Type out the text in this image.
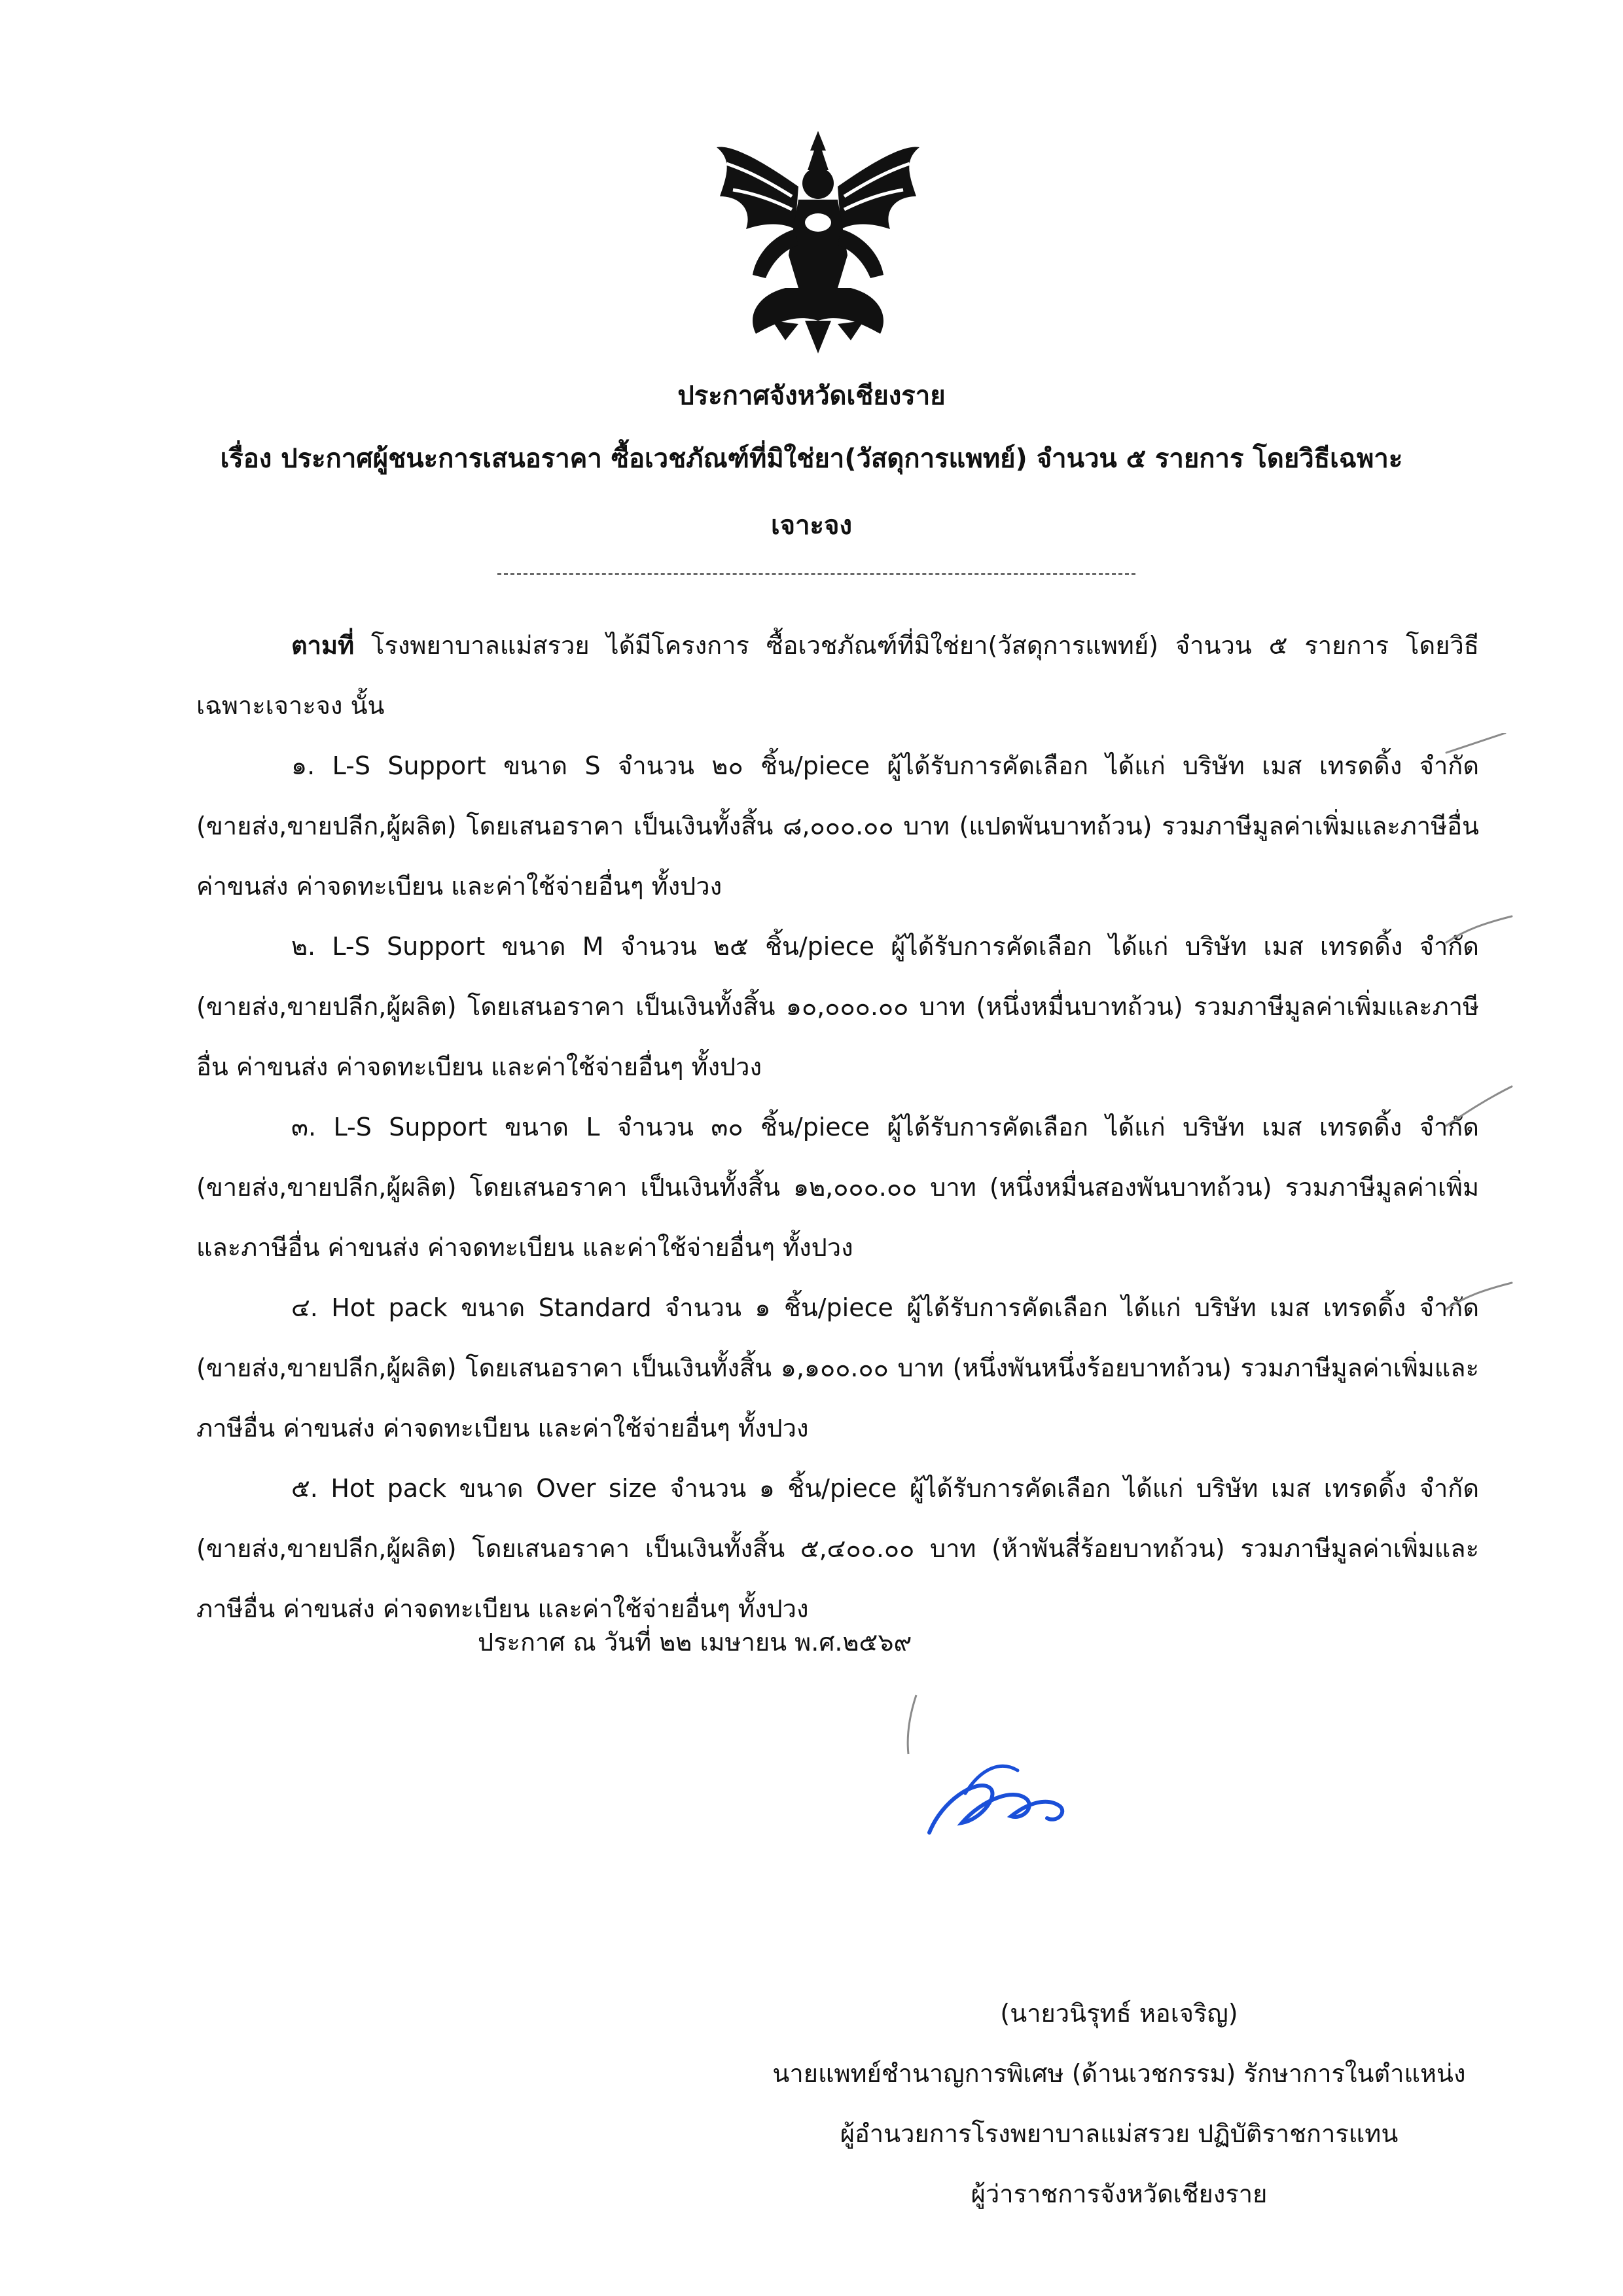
ประกาศจังหวัดเชียงราย
เรื่อง ประกาศผู้ชนะการเสนอราคา ซื้อเวชภัณฑ์ที่มิใช่ยา(วัสดุการแพทย์) จำนวน ๕ รายการ โดยวิธีเฉพาะ
เจาะจง

ตามที่ โรงพยาบาลแม่สรวย ได้มีโครงการ ซื้อเวชภัณฑ์ที่มิใช่ยา(วัสดุการแพทย์) จำนวน ๕ รายการ โดยวิธีเฉพาะเจาะจง นั้น

๑. L-S Support ขนาด S จำนวน ๒๐ ชิ้น/piece ผู้ได้รับการคัดเลือก ได้แก่ บริษัท เมส เทรดดิ้ง จำกัด (ขายส่ง,ขายปลีก,ผู้ผลิต) โดยเสนอราคา เป็นเงินทั้งสิ้น ๘,๐๐๐.๐๐ บาท (แปดพันบาทถ้วน) รวมภาษีมูลค่าเพิ่มและภาษีอื่น ค่าขนส่ง ค่าจดทะเบียน และค่าใช้จ่ายอื่นๆ ทั้งปวง

๒. L-S Support ขนาด M จำนวน ๒๕ ชิ้น/piece ผู้ได้รับการคัดเลือก ได้แก่ บริษัท เมส เทรดดิ้ง จำกัด (ขายส่ง,ขายปลีก,ผู้ผลิต) โดยเสนอราคา เป็นเงินทั้งสิ้น ๑๐,๐๐๐.๐๐ บาท (หนึ่งหมื่นบาทถ้วน) รวมภาษีมูลค่าเพิ่มและภาษีอื่น ค่าขนส่ง ค่าจดทะเบียน และค่าใช้จ่ายอื่นๆ ทั้งปวง

๓. L-S Support ขนาด L จำนวน ๓๐ ชิ้น/piece ผู้ได้รับการคัดเลือก ได้แก่ บริษัท เมส เทรดดิ้ง จำกัด (ขายส่ง,ขายปลีก,ผู้ผลิต) โดยเสนอราคา เป็นเงินทั้งสิ้น ๑๒,๐๐๐.๐๐ บาท (หนึ่งหมื่นสองพันบาทถ้วน) รวมภาษีมูลค่าเพิ่มและภาษีอื่น ค่าขนส่ง ค่าจดทะเบียน และค่าใช้จ่ายอื่นๆ ทั้งปวง

๔. Hot pack ขนาด Standard จำนวน ๑ ชิ้น/piece ผู้ได้รับการคัดเลือก ได้แก่ บริษัท เมส เทรดดิ้ง จำกัด (ขายส่ง,ขายปลีก,ผู้ผลิต) โดยเสนอราคา เป็นเงินทั้งสิ้น ๑,๑๐๐.๐๐ บาท (หนึ่งพันหนึ่งร้อยบาทถ้วน) รวมภาษีมูลค่าเพิ่มและภาษีอื่น ค่าขนส่ง ค่าจดทะเบียน และค่าใช้จ่ายอื่นๆ ทั้งปวง

๕. Hot pack ขนาด Over size จำนวน ๑ ชิ้น/piece ผู้ได้รับการคัดเลือก ได้แก่ บริษัท เมส เทรดดิ้ง จำกัด (ขายส่ง,ขายปลีก,ผู้ผลิต) โดยเสนอราคา เป็นเงินทั้งสิ้น ๕,๔๐๐.๐๐ บาท (ห้าพันสี่ร้อยบาทถ้วน) รวมภาษีมูลค่าเพิ่มและภาษีอื่น ค่าขนส่ง ค่าจดทะเบียน และค่าใช้จ่ายอื่นๆ ทั้งปวง

ประกาศ ณ วันที่ ๒๒ เมษายน พ.ศ.๒๕๖๙
(นายวนิรุทธ์ หอเจริญ)
นายแพทย์ชำนาญการพิเศษ (ด้านเวชกรรม) รักษาการในตำแหน่ง
ผู้อำนวยการโรงพยาบาลแม่สรวย ปฏิบัติราชการแทน
ผู้ว่าราชการจังหวัดเชียงราย
